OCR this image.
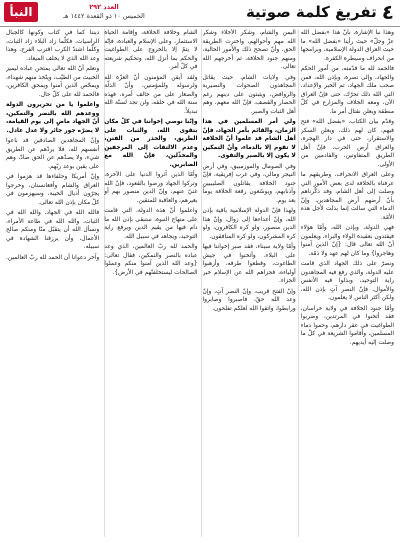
النبأ	العدد ٢٩٢
الخميس ١٠ ذو القعدة ١٤٤٢ هـ	٤
تفريغ كلمة صوتية

وهذا نبأ الإشارة، بأنّ هذا «بفضل الله عزّ وجلّ» حيث رأينا «بفضل الله» ما حيث العراق الدولة الإسلامية، وبرامجها من انحراف وسيطرة الكفرة.

فالحمد لله ما قدّمته، من أمور الحكم والجهاد، وإلى نصرة، وبإذن الله، فمن صحب ملك الجهاد، ثم الخبر والإعداد، التي الله ذلك تحرّك، حتى فإنّ العراق الآن، ومعه الخلاف والمزارع في كلّ منطقة ويعلن نقتال أمر ما.

وقدّم بيان الكتاب، «بفضل الله» فتح فيهم، كان لهم ذلك، ويعلن السكر والاستقرار، حتى في دار الهجرة، والعراق أرض الحرب، فإنّ أهل الطريق المتفاوتين، والقادمين من الأولى.

وعلى العراق الانحراف، وطريقهم ما عرفناه بالخلافة لدى بعض الأمور التي وصلت إلى أهل الشام، وقد ذكّرناهم بأنّ أرضهم أرض المجاهدين، وإنّ الدماء التي سالت إنما بذلت لأجل هذه الأمّة.

فهي الدولة، وبإذن الله، وأمّا هؤلاء فيقتدون بعقيدة الولاء والبراء، ويعلمون أنّ الله تعالى قال: {إنّ الذين آمنوا وهاجروا} وما كان لهم عهد ولا ذمّة.

ونصرّ على ذلك الجهاد الذي قامت عليه الدولة، والذي رفع فيه المجاهدون راية التوحيد، وبذلوا فيه الأنفس والأموال، فإنّ النصر آتٍ بإذن الله، ولكن أكثر الناس لا يعلمون.

وأمّا جنود الخلافة في ولاية خراسان، فقد أثخنوا في المرتدين، وضربوا الطواغيت في عقر دارهم، وحموا دماء المسلمين، وأقاموا الشريعة في كلّ ما وصلت إليه أيديهم.

اليمن والشام، وشكر الأخلاء وشكر الله مهم وأحوالهم، واخترت الطريقة الحق، وأنّ تصحح ذلك والأمور الحالية، ومنهم جنود الخلافة، ثم أخرجهم الله تعالى.

وفي ولايات الشام، حيث يقاتل المجاهدون الصحوات والنصيرية والروافض، ويثبتون على دينهم رغم الحصار والقصف، فإنّ الله معهم، وهم أهل الثبات والصبر.

ولي أمر المسلمين في هذا الزمان، والقائم بأمر الجهاد، فإنّ أهل الشام قد علموا أنّ الخلافة لا تقوم إلا بالدماء، وأنّ التمكين لا يكون إلا بالصبر والتقوى.

وفي الصومال والموزمبيق، وفي أرض النيجر ومالي، وفي غرب إفريقية، فإنّ جنود الخلافة يقاتلون الصليبيين وأذنابهم، ويوسّعون رقعة الخلافة يوماً بعد يوم.

ولهذا فإنّ الدولة الإسلامية باقية بإذن الله، وإنّ أعداءها إلى زوال، وإنّ هذا الدين منصور، ولو كره الكافرون، ولو كره المشركون، ولو كره المنافقون.

وأمّا ولاية سيناء، فقد صبر إخواننا فيها على البلاء، وأثخنوا في جيش الطاغوت، وقطعوا طرقه، وأرهبوا أولياءه، فجزاهم الله عن الإسلام خير الجزاء.

وإنّ الفتح قريب، وإنّ النصر آتٍ، وإنّ وعد الله حقّ، فاصبروا وصابروا ورابطوا، واتقوا الله لعلكم تفلحون.

الشام وخلافة الخلافة، وإقامة الحياة الاستثمار، وعلى الإسلام والعبادة، فإنّه لا يتمّ إلا بالخروج على الطواغيت والحكم بما أنزل الله، وتحكيم شريعته في كلّ أمر.

ولقد أيقن المؤمنون أنّ العزّة لله ولرسوله وللمؤمنين، وأنّ الذلّة والصغار على من خالف أمره، فهذه سنة الله في خلقه، ولن تجد لسنّة الله تبديلاً.

وإنّنا نوصي إخواننا في كلّ مكان بتقوى الله، والثبات على الطريق، والحذر من الفتن، وعدم الالتفات إلى المرجفين والمخذّلين، فإنّ الله مع الصابرين.

وأمّا الذين آثروا الدنيا على الآخرة، وتركوا الجهاد ورضوا بالقعود، فإنّ الله غنيّ عنهم، وإنّ الدين منصور بهم أو بغيرهم، والعاقبة للمتقين.

واعلموا أنّ هذه الدولة، التي قامت على منهاج النبوة، ستبقى بإذن الله ما دام فيها من يقيم الدين ويرفع راية التوحيد، ويجاهد في سبيل الله.

والحمد لله ربّ العالمين، الذي وعد عباده بالنصر والتمكين، فقال تعالى: {وعد الله الذين آمنوا منكم وعملوا الصالحات ليستخلفنّهم في الأرض}.

ديننا كما في كتاب وكونها كالجبال الراسيات، فكلّما زاد البلاء زاد الثبات، وكلّما اشتدّ الكرب اقترب الفرج، وهذا وعد الله الذي لا يخلف الميعاد.

ونعلم أنّ الله تعالى يمتحن عباده ليميز الخبيث من الطيّب، ويتّخذ منهم شهداء، ويمحّص الذين آمنوا ويمحق الكافرين، فالحمد لله على كلّ حال.

واعلموا يا من تحريرون الدولة ووعدهم الله بالنصر والتمكين، أنّ الجهاد ماضٍ إلى يوم القيامة، لا يضرّه جور جائر ولا عدل عادل.

وإنّ المجاهدين الصادقين قد باعوا أنفسهم لله، فلا يردّهم عن الطريق شيء، ولا يصدّهم عن الحق صادّ، وهم على يقين بوعد ربّهم.

وإنّ أمريكا وحلفاءها قد هزموا في العراق والشام وأفغانستان، وخرجوا يجرّون أذيال الخيبة، وسيهزمون في كلّ مكان بإذن الله تعالى.

فالله الله في الجهاد، والله الله في الثبات، والله الله في طاعة الأمراء، ونسأل الله أن يتقبّل منّا ومنكم صالح الأعمال، وأن يرزقنا الشهادة في سبيله.

وآخر دعوانا أن الحمد لله ربّ العالمين.
